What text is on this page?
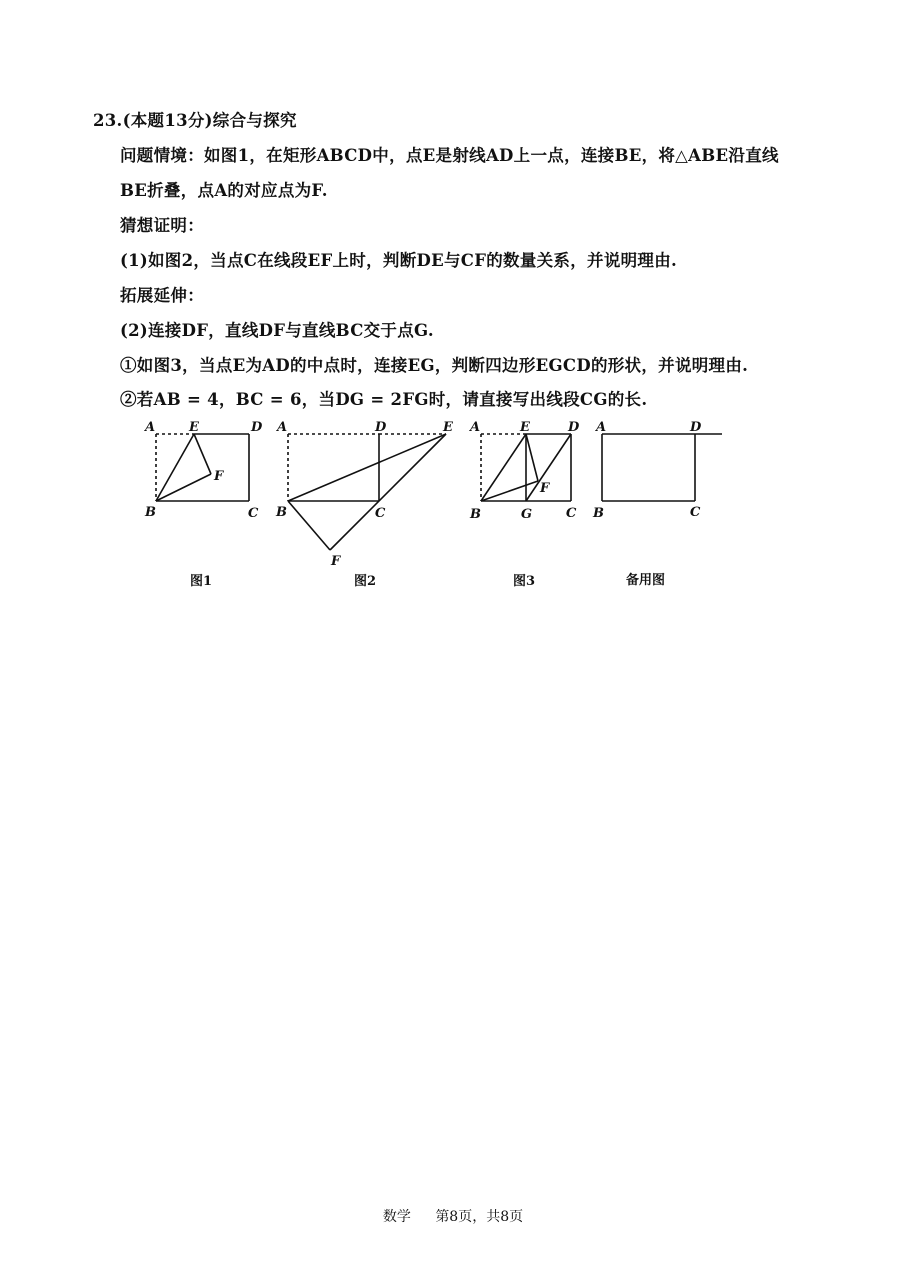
23.(本题13分)综合与探究
问题情境：如图1，在矩形ABCD中，点E是射线AD上一点，连接BE，将△ABE沿直线
BE折叠，点A的对应点为F.
猜想证明：
(1)如图2，当点C在线段EF上时，判断DE与CF的数量关系，并说明理由.
拓展延伸：
(2)连接DF，直线DF与直线BC交于点G.
①如图3，当点E为AD的中点时，连接EG，判断四边形EGCD的形状，并说明理由.
②若AB = 4，BC = 6，当DG = 2FG时，请直接写出线段CG的长.
A	E	D
F
B	C
图1
A	D	E
B	C
F
图2
A	E	D
F
B	G	C
图3
A	D
B	C
备用图
数学 第8页，共8页
